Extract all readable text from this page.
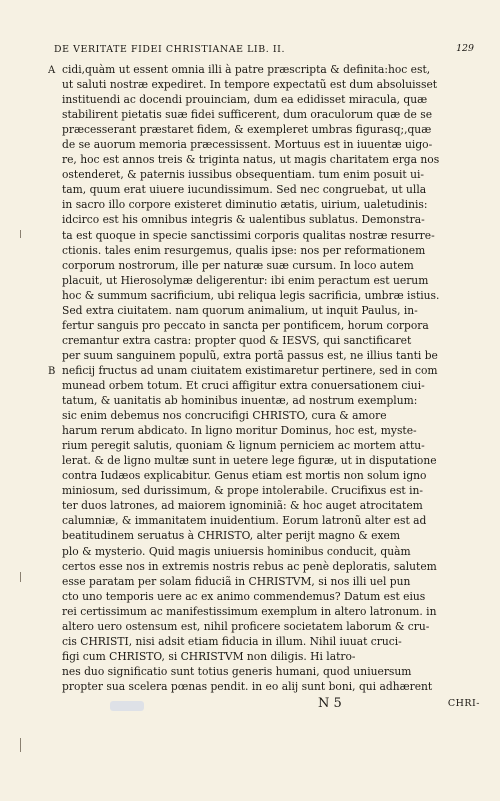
DE VERITATE FIDEI CHRISTIANAE LIB. II.	129
A cidi,quàm ut essent omnia illi à patre præscripta & definita:hoc est,
ut saluti nostræ expediret. In tempore expectatũ est dum absoluisset
instituendi ac docendi prouinciam, dum ea edidisset miracula, quæ
stabilirent pietatis suæ fidei sufficerent, dum oraculorum quæ de se
præcesserant præstaret fidem, & exempleret umbras figurasq;,quæ
de se auorum memoria præcessissent. Mortuus est in iuuentæ uigo-
re, hoc est annos treis & triginta natus, ut magis charitatem erga nos
ostenderet, & paternis iussibus obsequentiam. tum enim posuit ui-
tam, quum erat uiuere iucundissimum. Sed nec congruebat, ut ulla
in sacro illo corpore existeret diminutio ætatis, uirium, ualetudinis:
idcirco est his omnibus integris & ualentibus sublatus. Demonstra-
ta est quoque in specie sanctissimi corporis qualitas nostræ resurre-
ctionis. tales enim resurgemus, qualis ipse: nos per reformationem
corporum nostrorum, ille per naturæ suæ cursum. In loco autem
placuit, ut Hierosolymæ deligerentur: ibi enim peractum est uerum
hoc & summum sacrificium, ubi reliqua legis sacrificia, umbræ istius.
Sed extra ciuitatem. nam quorum animalium, ut inquit Paulus, in-
fertur sanguis pro peccato in sancta per pontificem, horum corpora
cremantur extra castra: propter quod & IESVS, qui sanctificaret
per suum sanguinem populũ, extra portã passus est, ne illius tanti be
B neficij fructus ad unam ciuitatem existimaretur pertinere, sed in com
munead orbem totum. Et cruci affigitur extra conuersationem ciui-
tatum, & uanitatis ab hominibus inuentæ, ad nostrum exemplum:
sic enim debemus nos concrucifigi CHRISTO, cura & amore
harum rerum abdicato. In ligno moritur Dominus, hoc est, myste-
rium peregit salutis, quoniam & lignum perniciem ac mortem attu-
lerat. & de ligno multæ sunt in uetere lege figuræ, ut in disputatione
contra Iudæos explicabitur. Genus etiam est mortis non solum igno
miniosum, sed durissimum, & prope intolerabile. Crucifixus est in-
ter duos latrones, ad maiorem ignominiã: & hoc auget atrocitatem
calumniæ, & immanitatem inuidentium. Eorum latronũ alter est ad
beatitudinem seruatus à CHRISTO, alter perijt magno & exem
plo & mysterio. Quid magis uniuersis hominibus conducit, quàm
certos esse nos in extremis nostris rebus ac penè deploratis, salutem
esse paratam per solam fiduciã in CHRISTVM, si nos illi uel pun
cto uno temporis uere ac ex animo commendemus? Datum est eius
rei certissimum ac manifestissimum exemplum in altero latronum. in
altero uero ostensum est, nihil proficere societatem laborum & cru-
cis CHRISTI, nisi adsit etiam fiducia in illum. Nihil iuuat cruci-
figi cum CHRISTO, si CHRISTVM non diligis. Hi latro-
nes duo significatio sunt totius generis humani, quod uniuersum
propter sua scelera pœnas pendit. in eo alij sunt boni, qui adhærent
N 5	CHRI-
